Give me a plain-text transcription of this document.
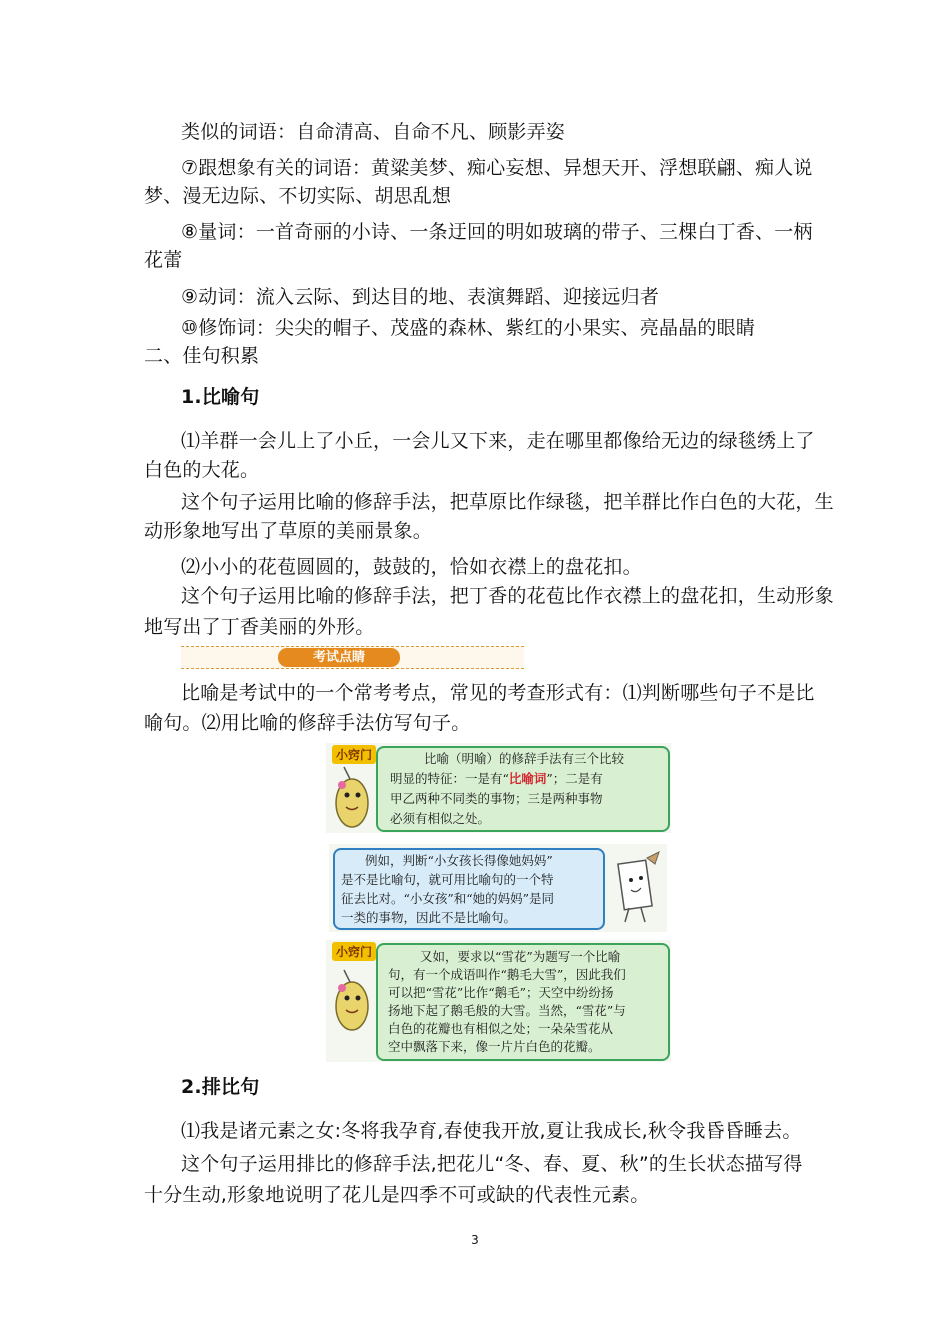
类似的词语：自命清高、自命不凡、顾影弄姿
⑦跟想象有关的词语：黄粱美梦、痴心妄想、异想天开、浮想联翩、痴人说
梦、漫无边际、不切实际、胡思乱想
⑧量词：一首奇丽的小诗、一条迂回的明如玻璃的带子、三棵白丁香、一柄
花蕾
⑨动词：流入云际、到达目的地、表演舞蹈、迎接远归者
⑩修饰词：尖尖的帽子、茂盛的森林、紫红的小果实、亮晶晶的眼睛
二、佳句积累
1.比喻句
⑴羊群一会儿上了小丘，一会儿又下来，走在哪里都像给无边的绿毯绣上了
白色的大花。
这个句子运用比喻的修辞手法，把草原比作绿毯，把羊群比作白色的大花，生
动形象地写出了草原的美丽景象。
⑵小小的花苞圆圆的，鼓鼓的，恰如衣襟上的盘花扣。
这个句子运用比喻的修辞手法，把丁香的花苞比作衣襟上的盘花扣，生动形象
地写出了丁香美丽的外形。
考试点睛
比喻是考试中的一个常考考点，常见的考查形式有：⑴判断哪些句子不是比
喻句。⑵用比喻的修辞手法仿写句子。
小窍门	比喻（明喻）的修辞手法有三个比较
明显的特征：一是有“比喻词”；二是有
甲乙两种不同类的事物；三是两种事物
必须有相似之处。
例如，判断“小女孩长得像她妈妈”
是不是比喻句，就可用比喻句的一个特
征去比对。“小女孩”和“她的妈妈”是同
一类的事物，因此不是比喻句。
小窍门	又如，要求以“雪花”为题写一个比喻
句，有一个成语叫作“鹅毛大雪”，因此我们
可以把“雪花”比作“鹅毛”；天空中纷纷扬
扬地下起了鹅毛般的大雪。当然，“雪花”与
白色的花瓣也有相似之处；一朵朵雪花从
空中飘落下来，像一片片白色的花瓣。
2.排比句
⑴我是诸元素之女:冬将我孕育,春使我开放,夏让我成长,秋令我昏昏睡去。
这个句子运用排比的修辞手法,把花儿“冬、春、夏、秋”的生长状态描写得
十分生动,形象地说明了花儿是四季不可或缺的代表性元素。
3
